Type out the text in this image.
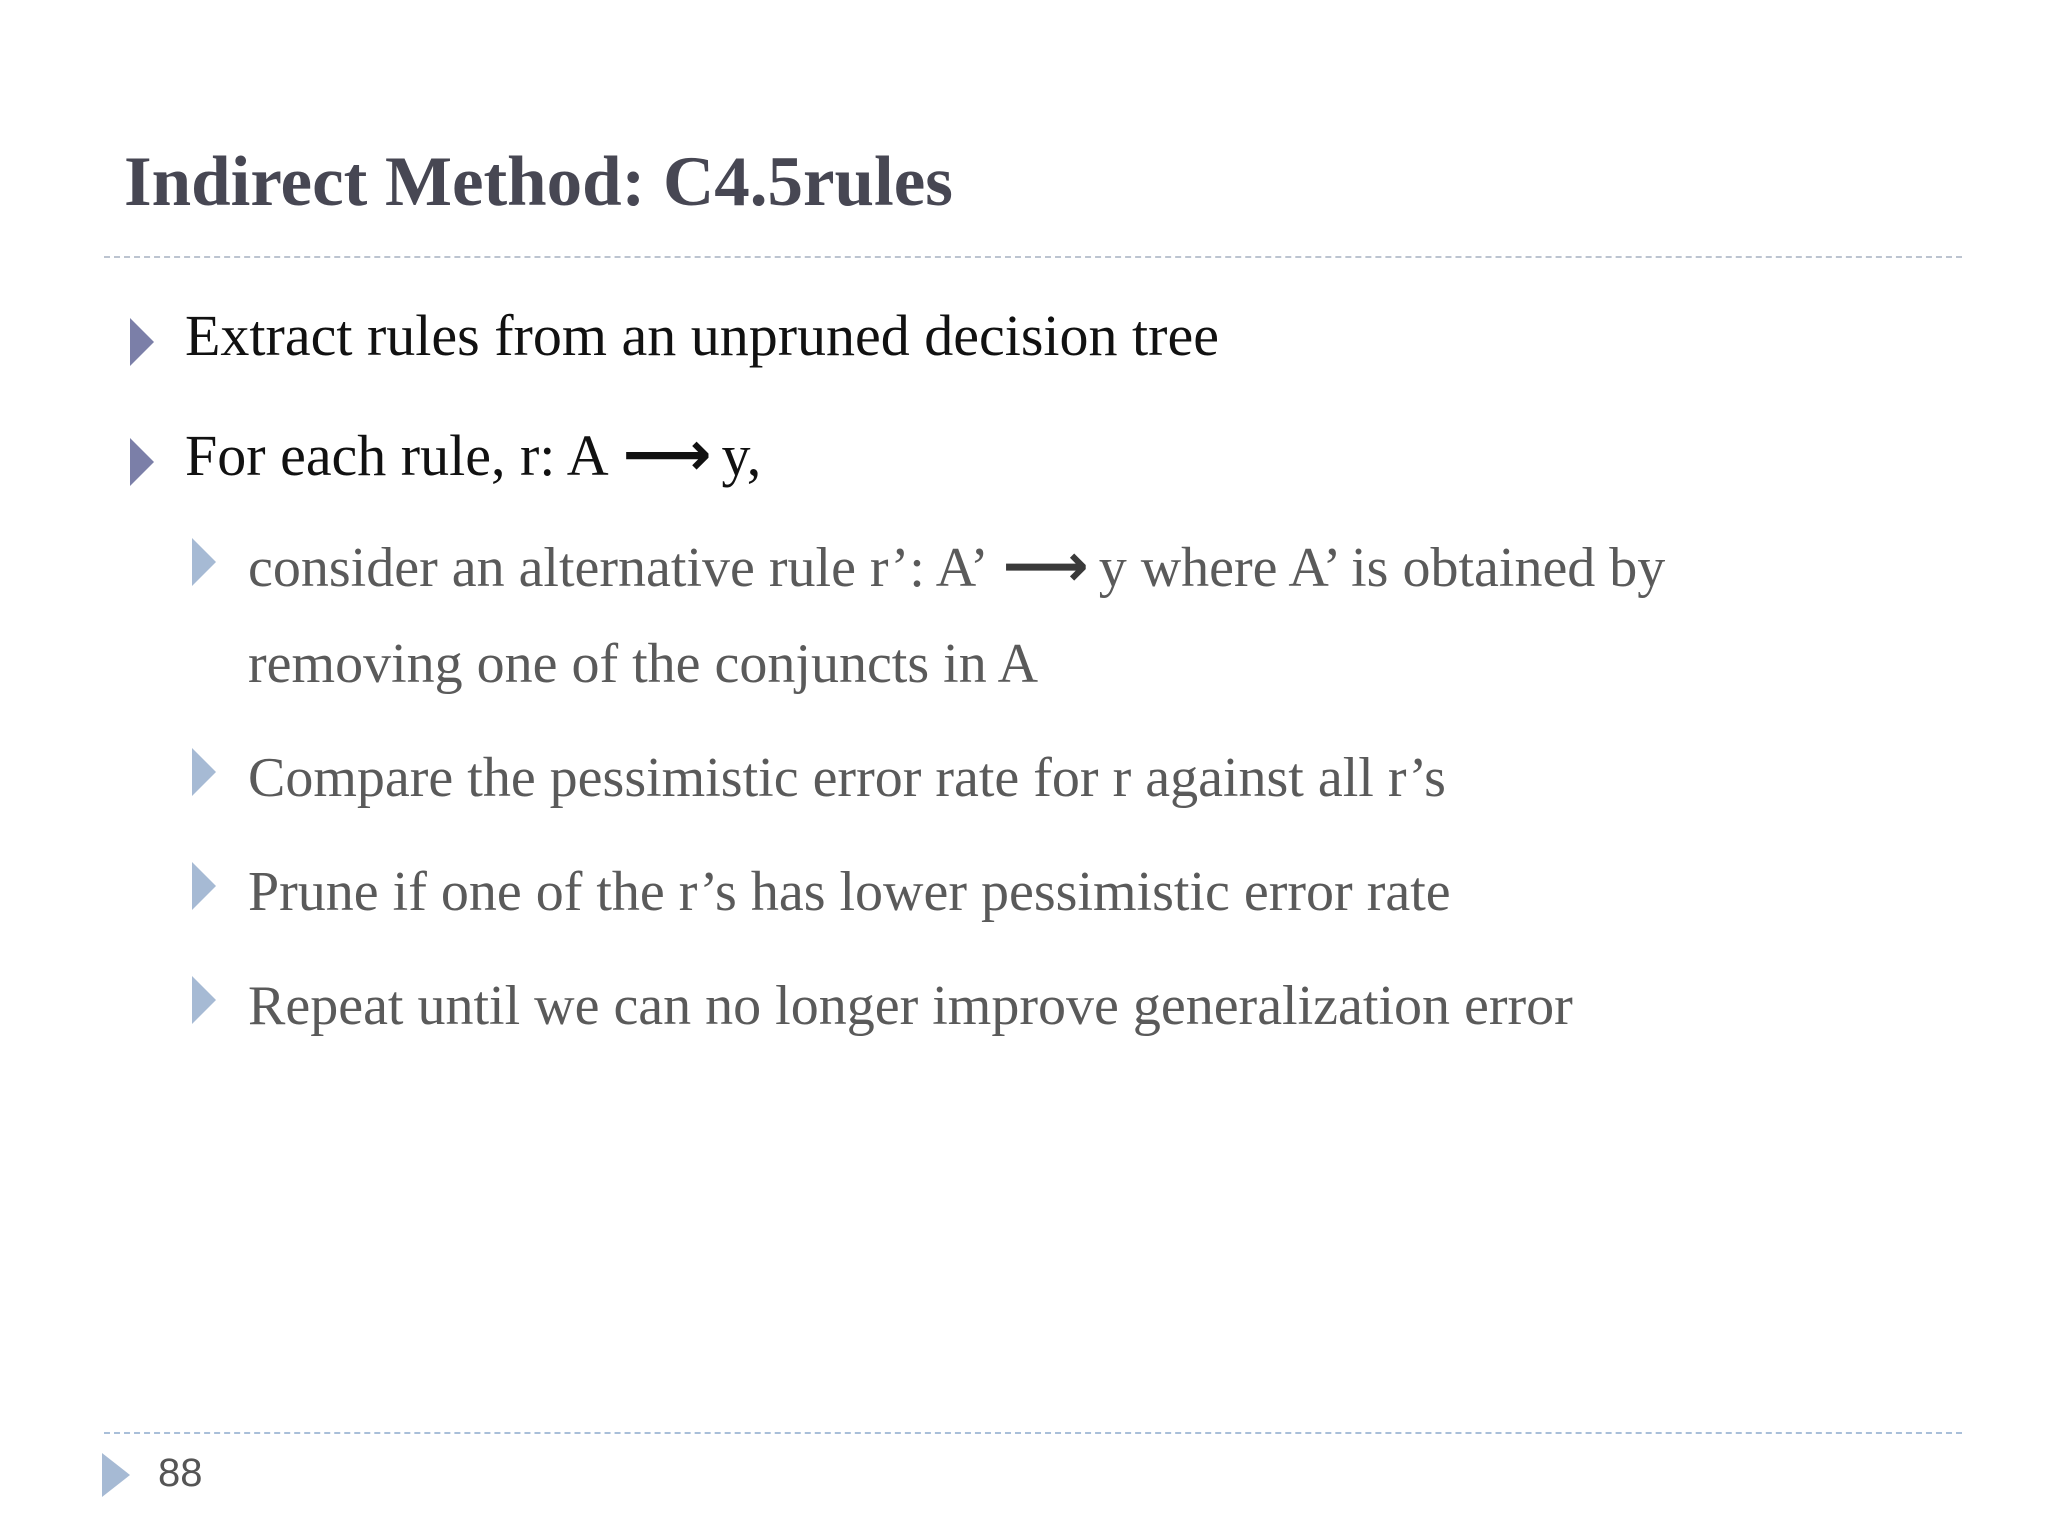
Indirect Method: C4.5rules
Extract rules from an unpruned decision tree
For each rule, r: A ⟶ y,
consider an alternative rule r’: A’ ⟶ y where A’ is obtained by
removing one of the conjuncts in A
Compare the pessimistic error rate for r against all r’s
Prune if one of the r’s has lower pessimistic error rate
Repeat until we can no longer improve generalization error
88
